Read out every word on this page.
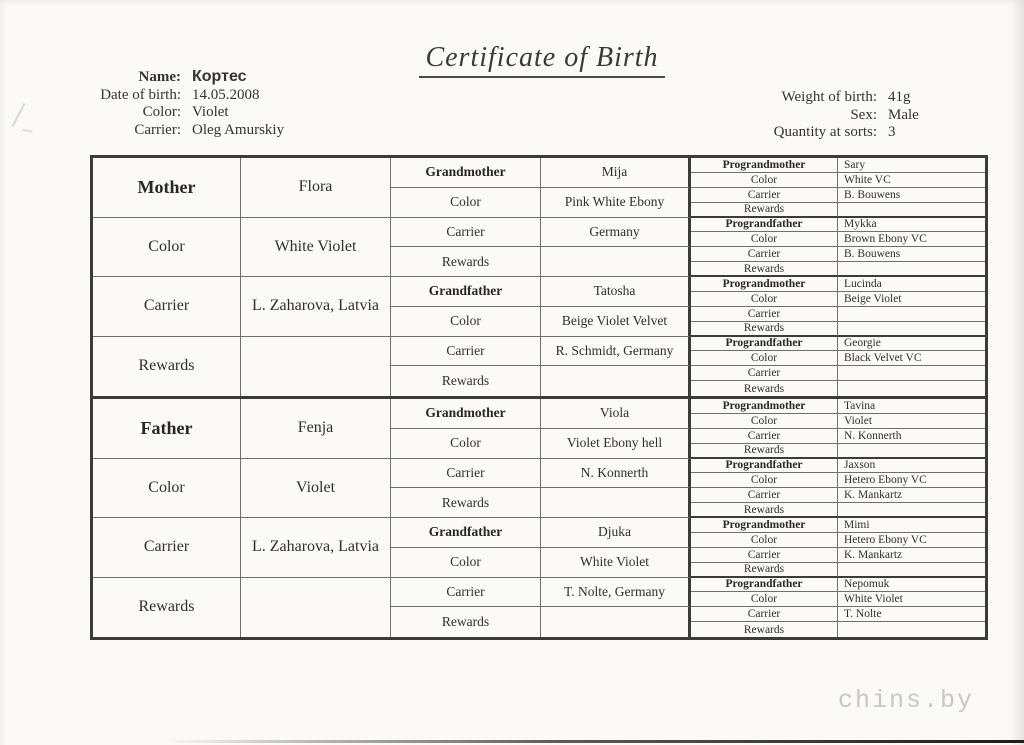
Certificate of Birth
Name: Кортес
Date of birth: 14.05.2008
Color: Violet
Carrier: Oleg Amurskiy
Weight of birth: 41g
Sex: Male
Quantity at sorts: 3
Mother
Color
Carrier
Rewards
Flora
White Violet
L. Zaharova, Latvia
Grandmother
Color
Carrier
Rewards
Grandfather
Color
Carrier
Rewards
Mija
Pink White Ebony
Germany
Tatosha
Beige Violet Velvet
R. Schmidt, Germany
Prograndmother
Color
Carrier
Rewards
Prograndfather
Color
Carrier
Rewards
Prograndmother
Color
Carrier
Rewards
Prograndfather
Color
Carrier
Rewards
Sary
White VC
B. Bouwens
Mykka
Brown Ebony VC
B. Bouwens
Lucinda
Beige Violet
Georgie
Black Velvet VC
Father
Color
Carrier
Rewards
Fenja
Violet
L. Zaharova, Latvia
Grandmother
Color
Carrier
Rewards
Grandfather
Color
Carrier
Rewards
Viola
Violet Ebony hell
N. Konnerth
Djuka
White Violet
T. Nolte, Germany
Prograndmother
Color
Carrier
Rewards
Prograndfather
Color
Carrier
Rewards
Prograndmother
Color
Carrier
Rewards
Prograndfather
Color
Carrier
Rewards
Tavina
Violet
N. Konnerth
Jaxson
Hetero Ebony VC
K. Mankartz
Mimi
Hetero Ebony VC
K. Mankartz
Nepomuk
White Violet
T. Nolte
chins.by
